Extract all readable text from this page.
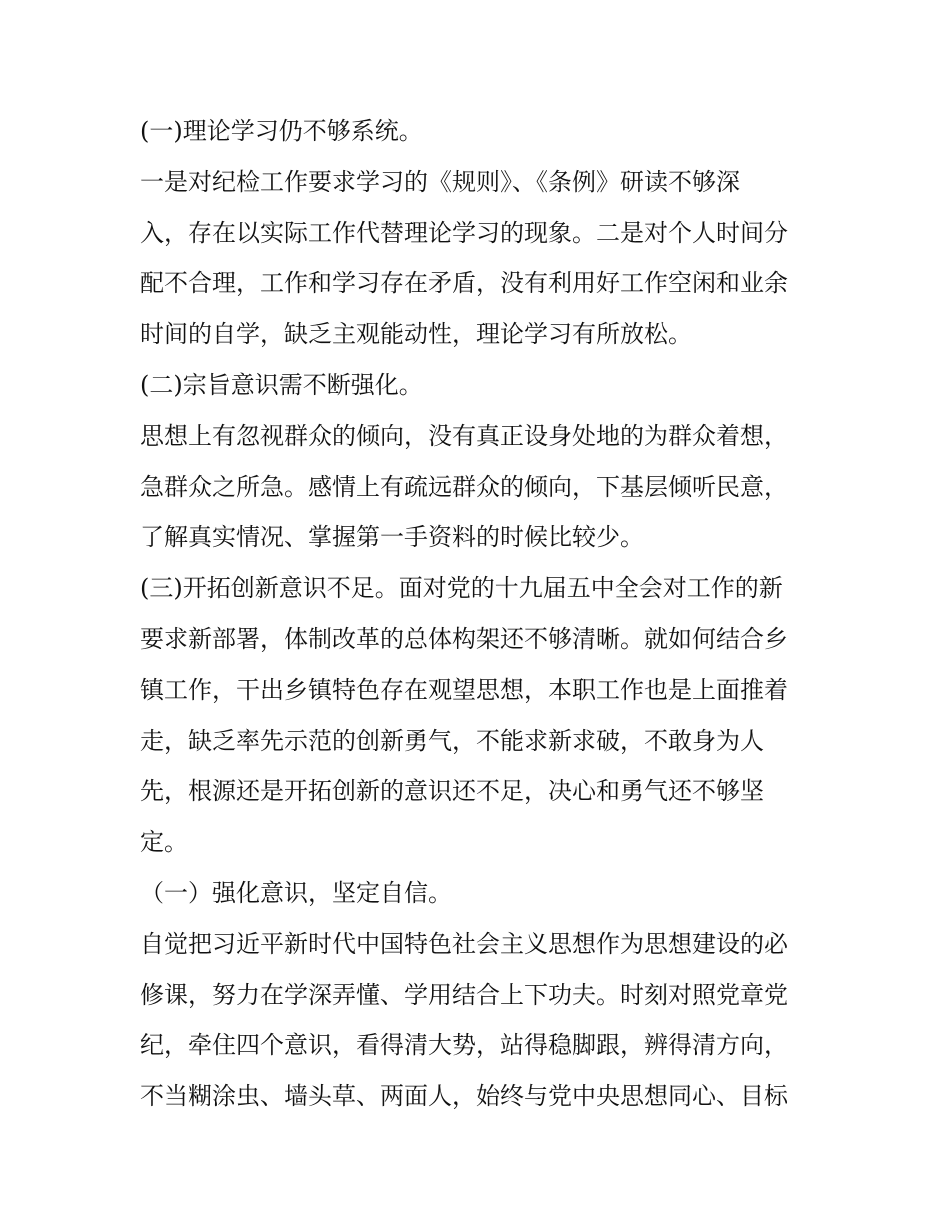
(一)理论学习仍不够系统。
一是对纪检工作要求学习的《规则》、《条例》研读不够深
入，存在以实际工作代替理论学习的现象。二是对个人时间分
配不合理，工作和学习存在矛盾，没有利用好工作空闲和业余
时间的自学，缺乏主观能动性，理论学习有所放松。
(二)宗旨意识需不断强化。
思想上有忽视群众的倾向，没有真正设身处地的为群众着想，
急群众之所急。感情上有疏远群众的倾向，下基层倾听民意，
了解真实情况、掌握第一手资料的时候比较少。
(三)开拓创新意识不足。面对党的十九届五中全会对工作的新
要求新部署，体制改革的总体构架还不够清晰。就如何结合乡
镇工作，干出乡镇特色存在观望思想，本职工作也是上面推着
走，缺乏率先示范的创新勇气，不能求新求破，不敢身为人
先，根源还是开拓创新的意识还不足，决心和勇气还不够坚
定。
（一）强化意识，坚定自信。
自觉把习近平新时代中国特色社会主义思想作为思想建设的必
修课，努力在学深弄懂、学用结合上下功夫。时刻对照党章党
纪，牵住四个意识，看得清大势，站得稳脚跟，辨得清方向，
不当糊涂虫、墙头草、两面人，始终与党中央思想同心、目标
